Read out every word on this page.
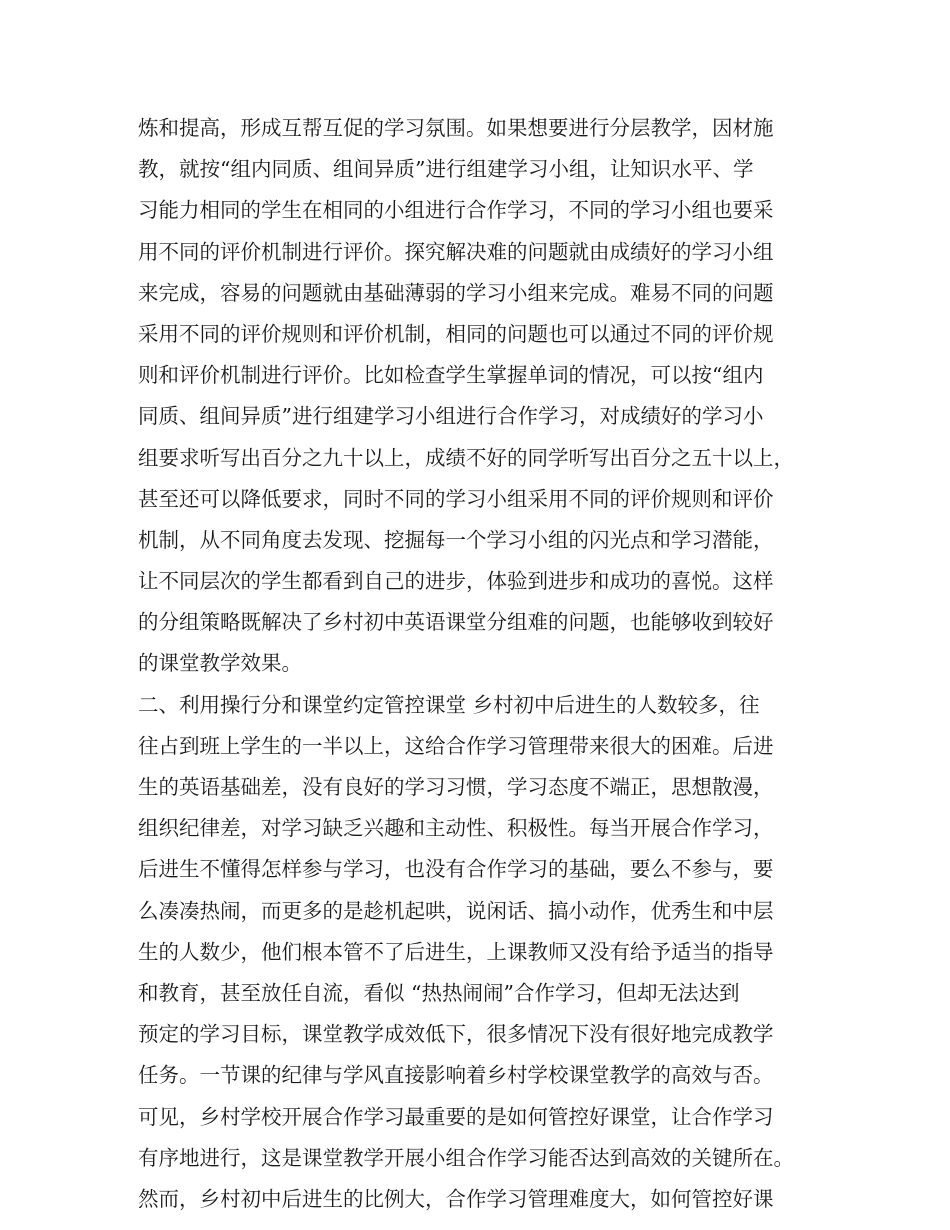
炼和提高，形成互帮互促的学习氛围。如果想要进行分层教学，因材施
教，就按“组内同质、组间异质”进行组建学习小组，让知识水平、学
习能力相同的学生在相同的小组进行合作学习，不同的学习小组也要采
用不同的评价机制进行评价。探究解决难的问题就由成绩好的学习小组
来完成，容易的问题就由基础薄弱的学习小组来完成。难易不同的问题
采用不同的评价规则和评价机制，相同的问题也可以通过不同的评价规
则和评价机制进行评价。比如检查学生掌握单词的情况，可以按“组内
同质、组间异质”进行组建学习小组进行合作学习，对成绩好的学习小
组要求听写出百分之九十以上，成绩不好的同学听写出百分之五十以上，
甚至还可以降低要求，同时不同的学习小组采用不同的评价规则和评价
机制，从不同角度去发现、挖掘每一个学习小组的闪光点和学习潜能，
让不同层次的学生都看到自己的进步，体验到进步和成功的喜悦。这样
的分组策略既解决了乡村初中英语课堂分组难的问题，也能够收到较好
的课堂教学效果。
二、利用操行分和课堂约定管控课堂 乡村初中后进生的人数较多，往
往占到班上学生的一半以上，这给合作学习管理带来很大的困难。后进
生的英语基础差，没有良好的学习习惯，学习态度不端正，思想散漫，
组织纪律差，对学习缺乏兴趣和主动性、积极性。每当开展合作学习，
后进生不懂得怎样参与学习，也没有合作学习的基础，要么不参与，要
么凑凑热闹，而更多的是趁机起哄，说闲话、搞小动作，优秀生和中层
生的人数少，他们根本管不了后进生，上课教师又没有给予适当的指导
和教育，甚至放任自流，看似 “热热闹闹”合作学习，但却无法达到
预定的学习目标，课堂教学成效低下，很多情况下没有很好地完成教学
任务。一节课的纪律与学风直接影响着乡村学校课堂教学的高效与否。
可见，乡村学校开展合作学习最重要的是如何管控好课堂，让合作学习
有序地进行，这是课堂教学开展小组合作学习能否达到高效的关键所在。
然而，乡村初中后进生的比例大，合作学习管理难度大，如何管控好课
